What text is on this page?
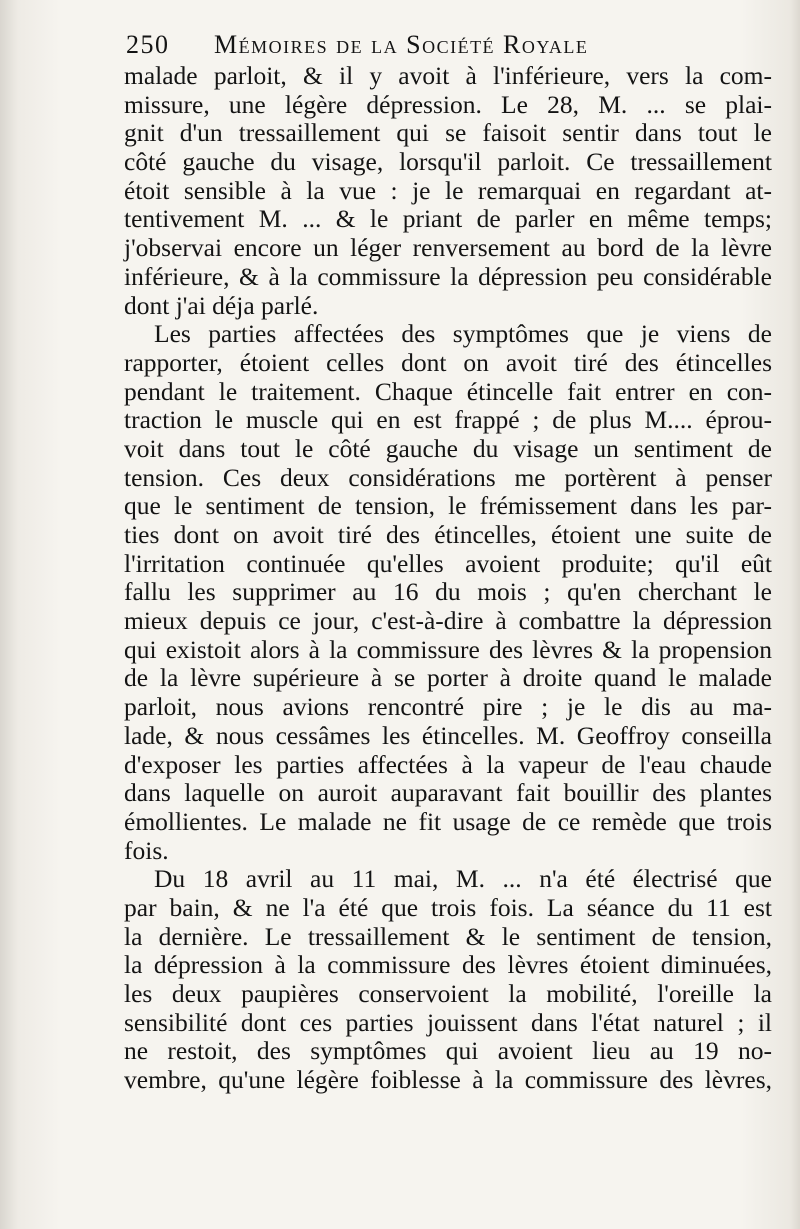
250 Mémoires de la Société Royale
malade parloit, & il y avoit à l'inférieure, vers la com-
missure, une légère dépression. Le 28, M. ... se plai-
gnit d'un tressaillement qui se faisoit sentir dans tout le
côté gauche du visage, lorsqu'il parloit. Ce tressaillement
étoit sensible à la vue : je le remarquai en regardant at-
tentivement M. ... & le priant de parler en même temps;
j'observai encore un léger renversement au bord de la lèvre
inférieure, & à la commissure la dépression peu considérable
dont j'ai déja parlé.
Les parties affectées des symptômes que je viens de
rapporter, étoient celles dont on avoit tiré des étincelles
pendant le traitement. Chaque étincelle fait entrer en con-
traction le muscle qui en est frappé ; de plus M.... éprou-
voit dans tout le côté gauche du visage un sentiment de
tension. Ces deux considérations me portèrent à penser
que le sentiment de tension, le frémissement dans les par-
ties dont on avoit tiré des étincelles, étoient une suite de
l'irritation continuée qu'elles avoient produite; qu'il eût
fallu les supprimer au 16 du mois ; qu'en cherchant le
mieux depuis ce jour, c'est-à-dire à combattre la dépression
qui existoit alors à la commissure des lèvres & la propension
de la lèvre supérieure à se porter à droite quand le malade
parloit, nous avions rencontré pire ; je le dis au ma-
lade, & nous cessâmes les étincelles. M. Geoffroy conseilla
d'exposer les parties affectées à la vapeur de l'eau chaude
dans laquelle on auroit auparavant fait bouillir des plantes
émollientes. Le malade ne fit usage de ce remède que trois
fois.
Du 18 avril au 11 mai, M. ... n'a été électrisé que
par bain, & ne l'a été que trois fois. La séance du 11 est
la dernière. Le tressaillement & le sentiment de tension,
la dépression à la commissure des lèvres étoient diminuées,
les deux paupières conservoient la mobilité, l'oreille la
sensibilité dont ces parties jouissent dans l'état naturel ; il
ne restoit, des symptômes qui avoient lieu au 19 no-
vembre, qu'une légère foiblesse à la commissure des lèvres,
